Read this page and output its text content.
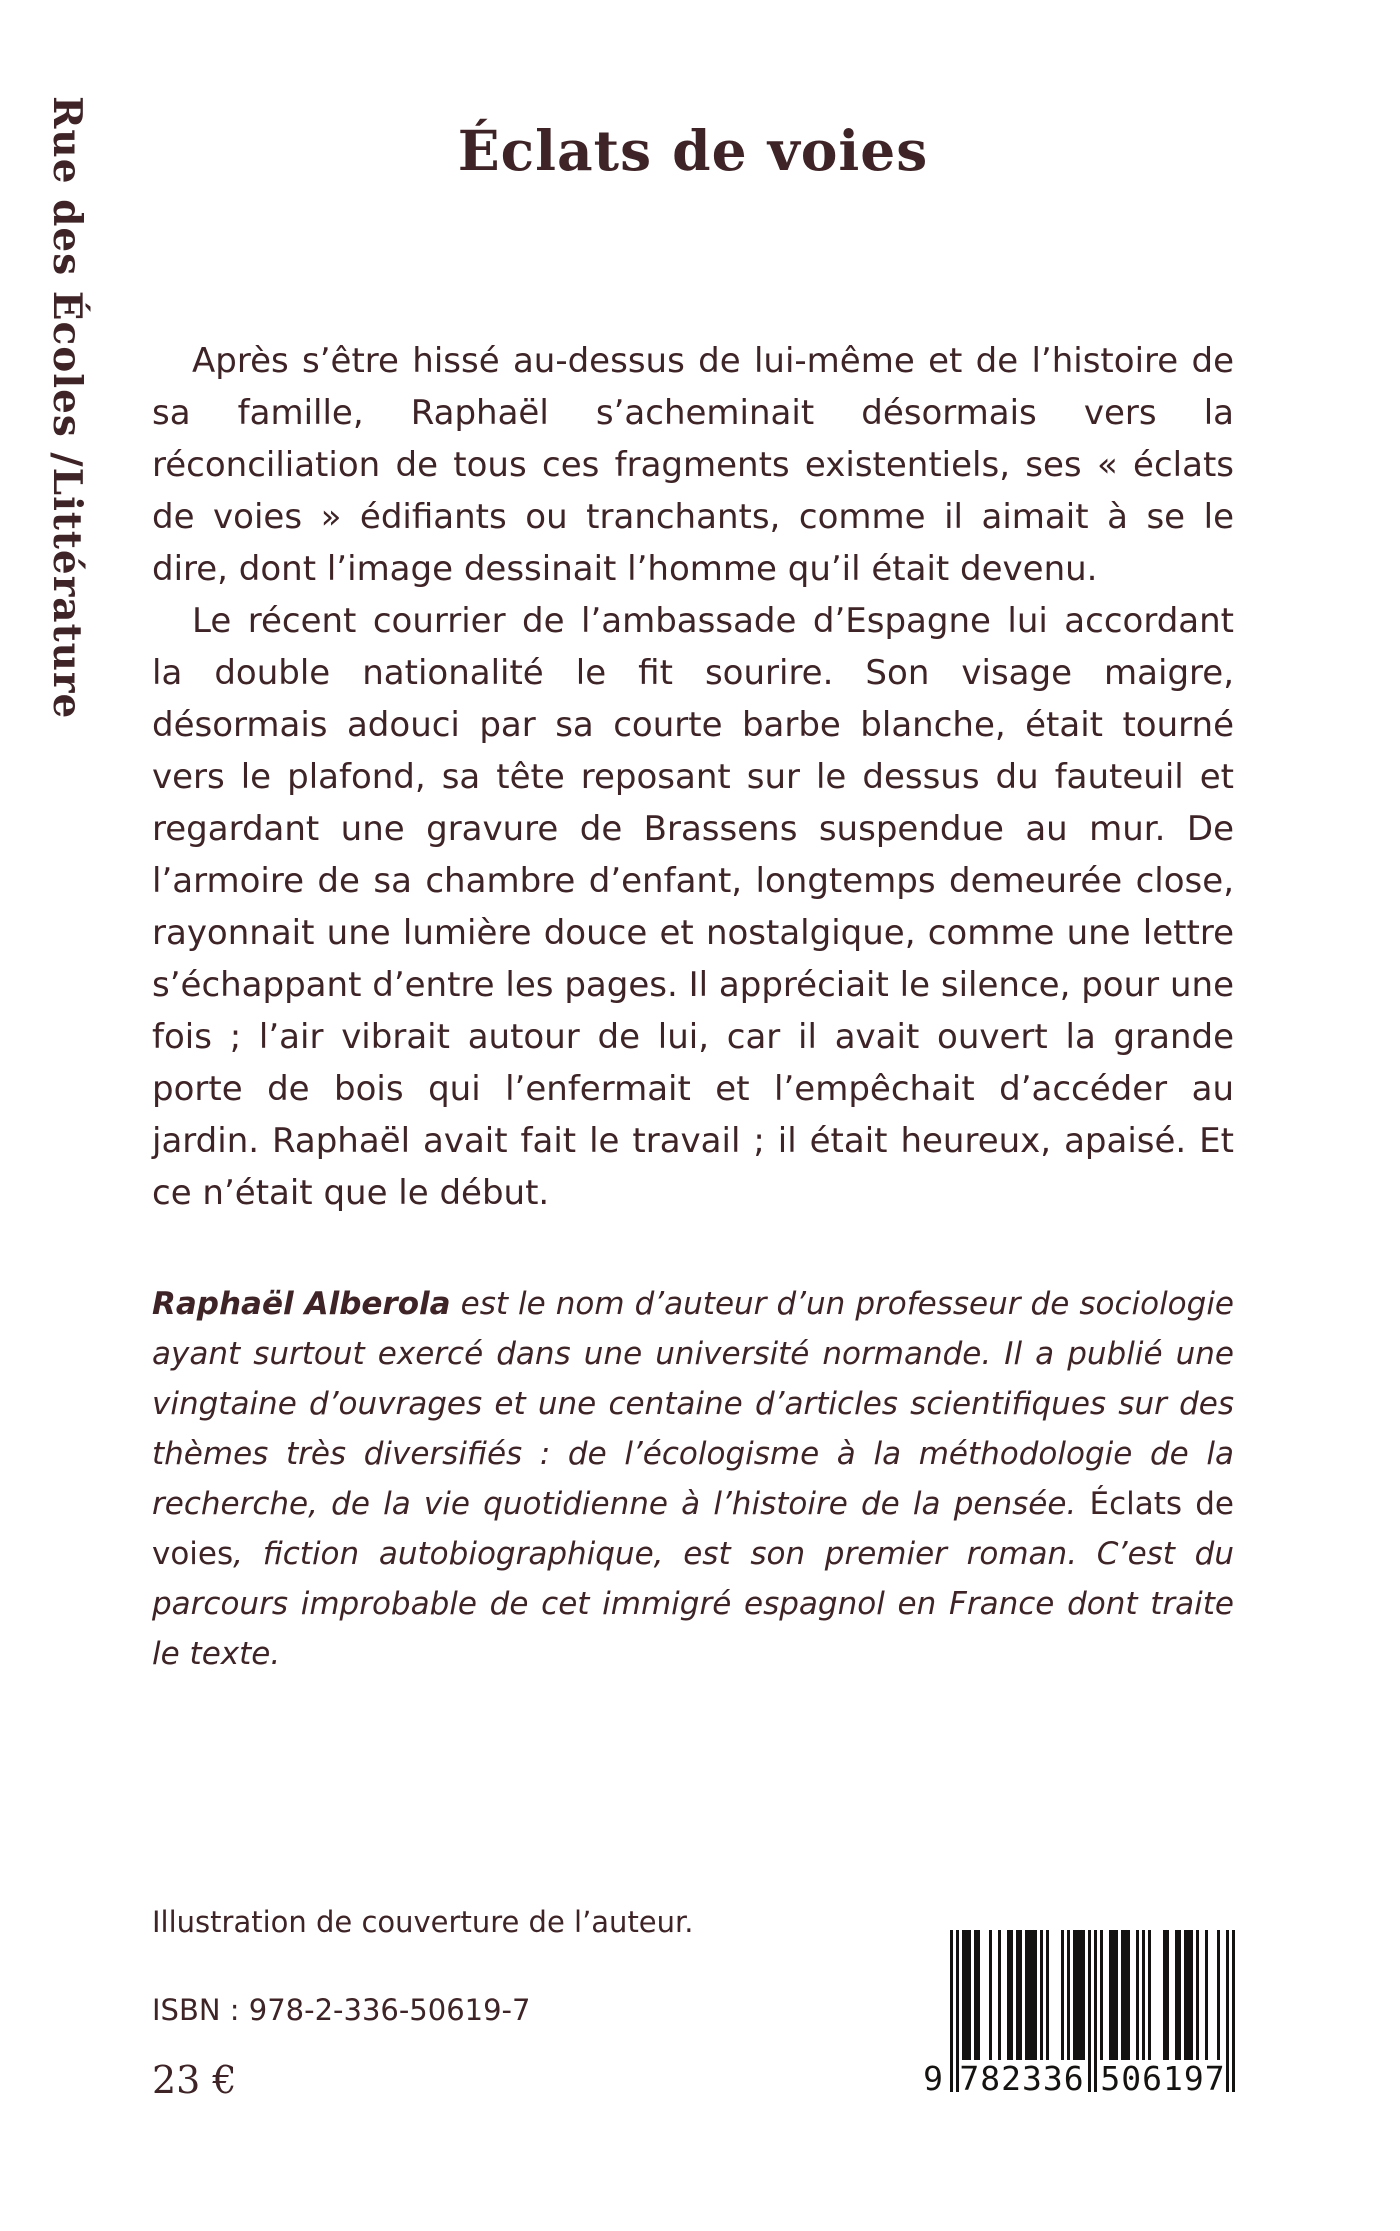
Rue des Écoles /Littérature	Éclats de voies

Après s’être hissé au-dessus de lui-même et de l’histoire de sa famille, Raphaël s’acheminait désormais vers la réconciliation de tous ces fragments existentiels, ses « éclats de voies » édifiants ou tranchants, comme il aimait à se le dire, dont l’image dessinait l’homme qu’il était devenu.

Le récent courrier de l’ambassade d’Espagne lui accordant la double nationalité le fit sourire. Son visage maigre, désormais adouci par sa courte barbe blanche, était tourné vers le plafond, sa tête reposant sur le dessus du fauteuil et regardant une gravure de Brassens suspendue au mur. De l’armoire de sa chambre d’enfant, longtemps demeurée close, rayonnait une lumière douce et nostalgique, comme une lettre s’échappant d’entre les pages. Il appréciait le silence, pour une fois ; l’air vibrait autour de lui, car il avait ouvert la grande porte de bois qui l’enfermait et l’empêchait d’accéder au jardin. Raphaël avait fait le travail ; il était heureux, apaisé. Et ce n’était que le début.

Raphaël Alberola est le nom d’auteur d’un professeur de sociologie ayant surtout exercé dans une université normande. Il a publié une vingtaine d’ouvrages et une centaine d’articles scientifiques sur des thèmes très diversifiés : de l’écologisme à la méthodologie de la recherche, de la vie quotidienne à l’histoire de la pensée. Éclats de voies, fiction autobiographique, est son premier roman. C’est du parcours improbable de cet immigré espagnol en France dont traite le texte.

Illustration de couverture de l’auteur.
ISBN : 978-2-336-50619-7
23 €	9 782336 506197
